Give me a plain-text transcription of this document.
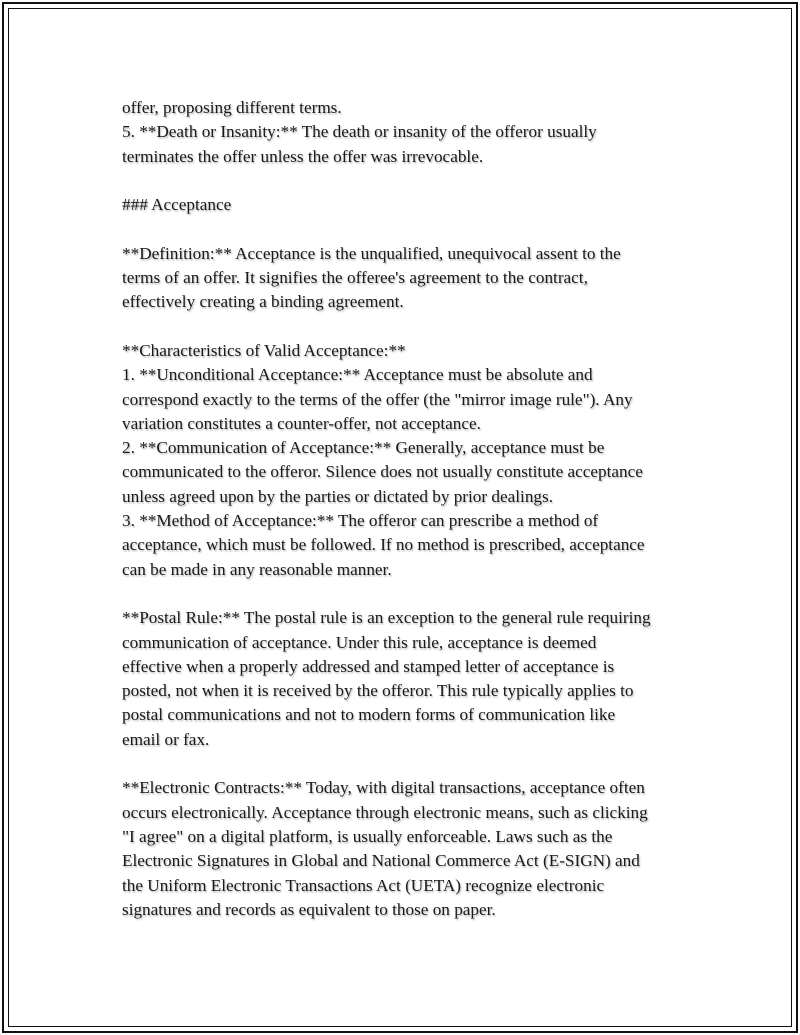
offer, proposing different terms.
5. **Death or Insanity:** The death or insanity of the offeror usually
terminates the offer unless the offer was irrevocable.
### Acceptance
**Definition:** Acceptance is the unqualified, unequivocal assent to the
terms of an offer. It signifies the offeree's agreement to the contract,
effectively creating a binding agreement.
**Characteristics of Valid Acceptance:**
1. **Unconditional Acceptance:** Acceptance must be absolute and
correspond exactly to the terms of the offer (the "mirror image rule"). Any
variation constitutes a counter-offer, not acceptance.
2. **Communication of Acceptance:** Generally, acceptance must be
communicated to the offeror. Silence does not usually constitute acceptance
unless agreed upon by the parties or dictated by prior dealings.
3. **Method of Acceptance:** The offeror can prescribe a method of
acceptance, which must be followed. If no method is prescribed, acceptance
can be made in any reasonable manner.
**Postal Rule:** The postal rule is an exception to the general rule requiring
communication of acceptance. Under this rule, acceptance is deemed
effective when a properly addressed and stamped letter of acceptance is
posted, not when it is received by the offeror. This rule typically applies to
postal communications and not to modern forms of communication like
email or fax.
**Electronic Contracts:** Today, with digital transactions, acceptance often
occurs electronically. Acceptance through electronic means, such as clicking
"I agree" on a digital platform, is usually enforceable. Laws such as the
Electronic Signatures in Global and National Commerce Act (E-SIGN) and
the Uniform Electronic Transactions Act (UETA) recognize electronic
signatures and records as equivalent to those on paper.
